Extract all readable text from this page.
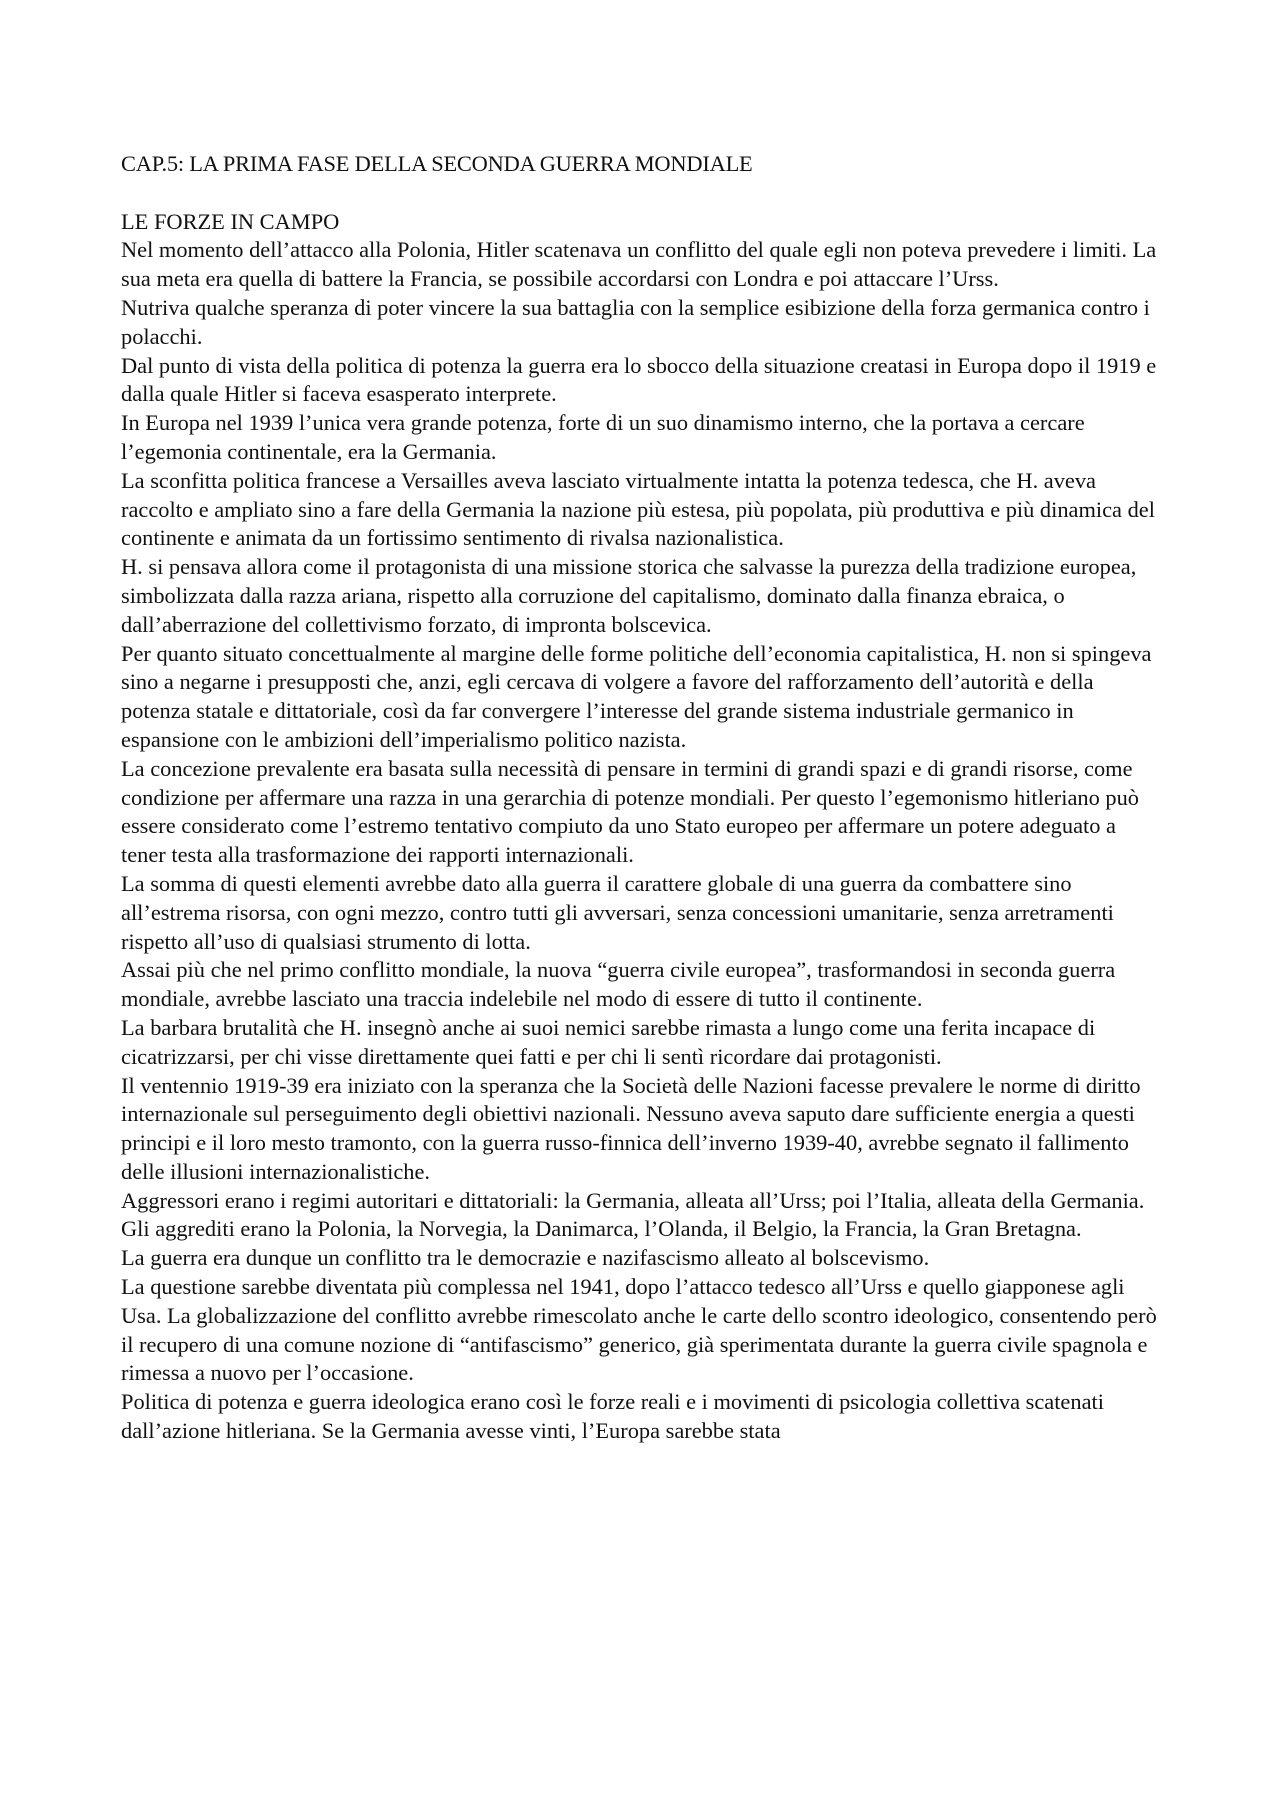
CAP.5: LA PRIMA FASE DELLA SECONDA GUERRA MONDIALE
LE FORZE IN CAMPO

Nel momento dell’attacco alla Polonia, Hitler scatenava un conflitto del quale egli non poteva prevedere i limiti. La sua meta era quella di battere la Francia, se possibile accordarsi con Londra e poi attaccare l’Urss.

Nutriva qualche speranza di poter vincere la sua battaglia con la semplice esibizione della forza germanica contro i polacchi.

Dal punto di vista della politica di potenza la guerra era lo sbocco della situazione creatasi in Europa dopo il 1919 e dalla quale Hitler si faceva esasperato interprete.

In Europa nel 1939 l’unica vera grande potenza, forte di un suo dinamismo interno, che la portava a cercare l’egemonia continentale, era la Germania.

La sconfitta politica francese a Versailles aveva lasciato virtualmente intatta la potenza tedesca, che H. aveva raccolto e ampliato sino a fare della Germania la nazione più estesa, più popolata, più produttiva e più dinamica del continente e animata da un fortissimo sentimento di rivalsa nazionalistica.

H. si pensava allora come il protagonista di una missione storica che salvasse la purezza della tradizione europea, simbolizzata dalla razza ariana, rispetto alla corruzione del capitalismo, dominato dalla finanza ebraica, o dall’aberrazione del collettivismo forzato, di impronta bolscevica.

Per quanto situato concettualmente al margine delle forme politiche dell’economia capitalistica, H. non si spingeva sino a negarne i presupposti che, anzi, egli cercava di volgere a favore del rafforzamento dell’autorità e della potenza statale e dittatoriale, così da far convergere l’interesse del grande sistema industriale germanico in espansione con le ambizioni dell’imperialismo politico nazista.

La concezione prevalente era basata sulla necessità di pensare in termini di grandi spazi e di grandi risorse, come condizione per affermare una razza in una gerarchia di potenze mondiali. Per questo l’egemonismo hitleriano può essere considerato come l’estremo tentativo compiuto da uno Stato europeo per affermare un potere adeguato a tener testa alla trasformazione dei rapporti internazionali.

La somma di questi elementi avrebbe dato alla guerra il carattere globale di una guerra da combattere sino all’estrema risorsa, con ogni mezzo, contro tutti gli avversari, senza concessioni umanitarie, senza arretramenti rispetto all’uso di qualsiasi strumento di lotta.

Assai più che nel primo conflitto mondiale, la nuova “guerra civile europea”, trasformandosi in seconda guerra mondiale, avrebbe lasciato una traccia indelebile nel modo di essere di tutto il continente.

La barbara brutalità che H. insegnò anche ai suoi nemici sarebbe rimasta a lungo come una ferita incapace di cicatrizzarsi, per chi visse direttamente quei fatti e per chi li sentì ricordare dai protagonisti.

Il ventennio 1919-39 era iniziato con la speranza che la Società delle Nazioni facesse prevalere le norme di diritto internazionale sul perseguimento degli obiettivi nazionali. Nessuno aveva saputo dare sufficiente energia a questi principi e il loro mesto tramonto, con la guerra russo-finnica dell’inverno 1939-40, avrebbe segnato il fallimento delle illusioni internazionalistiche.

Aggressori erano i regimi autoritari e dittatoriali: la Germania, alleata all’Urss; poi l’Italia, alleata della Germania. Gli aggrediti erano la Polonia, la Norvegia, la Danimarca, l’Olanda, il Belgio, la Francia, la Gran Bretagna.

La guerra era dunque un conflitto tra le democrazie e nazifascismo alleato al bolscevismo.

La questione sarebbe diventata più complessa nel 1941, dopo l’attacco tedesco all’Urss e quello giapponese agli Usa. La globalizzazione del conflitto avrebbe rimescolato anche le carte dello scontro ideologico, consentendo però il recupero di una comune nozione di “antifascismo” generico, già sperimentata durante la guerra civile spagnola e rimessa a nuovo per l’occasione.

Politica di potenza e guerra ideologica erano così le forze reali e i movimenti di psicologia collettiva scatenati dall’azione hitleriana. Se la Germania avesse vinti, l’Europa sarebbe stata
